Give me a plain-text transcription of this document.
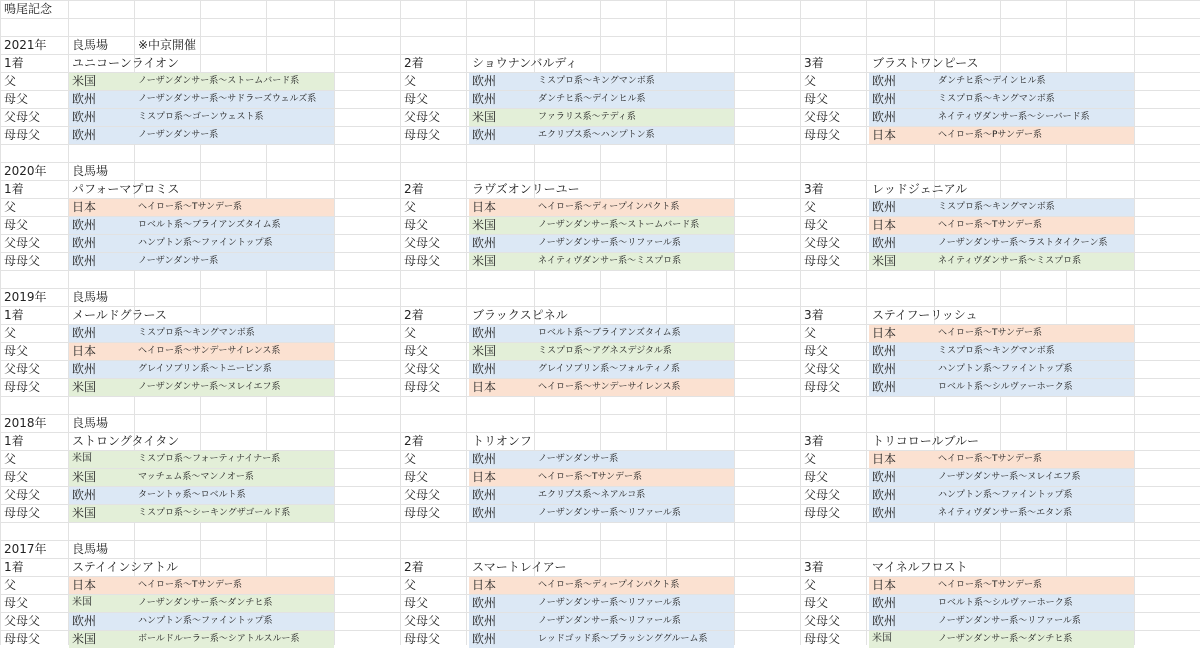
鳴尾記念
2021年 良馬場 ※中京開催
1着	ユニコーンライオン
父	米国	ノーザンダンサー系～ストームバード系
母父	欧州	ノーザンダンサー系～サドラーズウェルズ系
父母父	欧州	ミスプロ系～ゴーンウェスト系
母母父	欧州	ノーザンダンサー系
2着	ショウナンバルディ
父	欧州	ミスプロ系～キングマンボ系
母父	欧州	ダンチヒ系～デインヒル系
父母父	米国	ファラリス系～テディ系
母母父	欧州	エクリプス系～ハンプトン系
3着	ブラストワンピース
父	欧州	ダンチヒ系～デインヒル系
母父	欧州	ミスプロ系～キングマンボ系
父母父	欧州	ネイティヴダンサー系～シーバード系
母母父	日本	ヘイロー系～Pサンデー系
2020年 良馬場
1着	パフォーマプロミス
父	日本	ヘイロー系～Tサンデー系
母父	欧州	ロベルト系～ブライアンズタイム系
父母父	欧州	ハンプトン系～ファイントップ系
母母父	欧州	ノーザンダンサー系
2着	ラヴズオンリーユー
父	日本	ヘイロー系～ディープインパクト系
母父	米国	ノーザンダンサー系～ストームバード系
父母父	欧州	ノーザンダンサー系～リファール系
母母父	米国	ネイティヴダンサー系～ミスプロ系
3着	レッドジェニアル
父	欧州	ミスプロ系～キングマンボ系
母父	日本	ヘイロー系～Tサンデー系
父母父	欧州	ノーザンダンサー系～ラストタイクーン系
母母父	米国	ネイティヴダンサー系～ミスプロ系
2019年 良馬場
1着	メールドグラース
父	欧州	ミスプロ系～キングマンボ系
母父	日本	ヘイロー系～サンデーサイレンス系
父母父	欧州	グレイソブリン系～トニービン系
母母父	米国	ノーザンダンサー系～ヌレイエフ系
2着	ブラックスピネル
父	欧州	ロベルト系～ブライアンズタイム系
母父	米国	ミスプロ系～アグネスデジタル系
父母父	欧州	グレイソブリン系～フォルティノ系
母母父	日本	ヘイロー系～サンデーサイレンス系
3着	ステイフーリッシュ
父	日本	ヘイロー系～Tサンデー系
母父	欧州	ミスプロ系～キングマンボ系
父母父	欧州	ハンプトン系～ファイントップ系
母母父	欧州	ロベルト系～シルヴァーホーク系
2018年 良馬場
1着	ストロングタイタン
父	米国	ミスプロ系～フォーティナイナー系
母父	米国	マッチェム系～マンノオー系
父母父	欧州	ターントゥ系～ロベルト系
母母父	米国	ミスプロ系～シーキングザゴールド系
2着	トリオンフ
父	欧州	ノーザンダンサー系
母父	日本	ヘイロー系～Tサンデー系
父母父	欧州	エクリプス系～ネアルコ系
母母父	欧州	ノーザンダンサー系～リファール系
3着	トリコロールブルー
父	日本	ヘイロー系～Tサンデー系
母父	欧州	ノーザンダンサー系～ヌレイエフ系
父母父	欧州	ハンプトン系～ファイントップ系
母母父	欧州	ネイティヴダンサー系～エタン系
2017年 良馬場
1着	ステイインシアトル
父	日本	ヘイロー系～Tサンデー系
母父	米国	ノーザンダンサー系～ダンチヒ系
父母父	欧州	ハンプトン系～ファイントップ系
母母父	米国	ボールドルーラー系～シアトルスルー系
2着	スマートレイアー
父	日本	ヘイロー系～ディープインパクト系
母父	欧州	ノーザンダンサー系～リファール系
父母父	欧州	ノーザンダンサー系～リファール系
母母父	欧州	レッドゴッド系～ブラッシンググルーム系
3着	マイネルフロスト
父	日本	ヘイロー系～Tサンデー系
母父	欧州	ロベルト系～シルヴァーホーク系
父母父	欧州	ノーザンダンサー系～リファール系
母母父	米国	ノーザンダンサー系～ダンチヒ系
